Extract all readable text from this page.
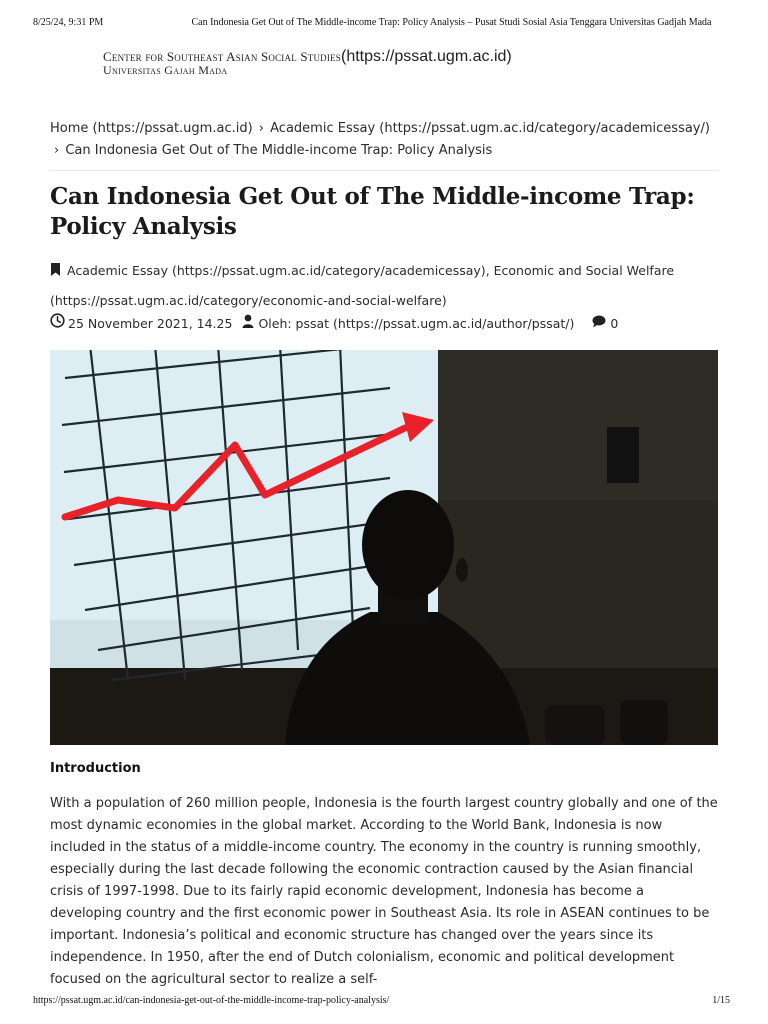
8/25/24, 9:31 PM	Can Indonesia Get Out of The Middle-income Trap: Policy Analysis – Pusat Studi Sosial Asia Tenggara Universitas Gadjah Mada
Center for Southeast Asian Social Studies(https://pssat.ugm.ac.id)
Universitas Gajah Mada
Home (https://pssat.ugm.ac.id) › Academic Essay (https://pssat.ugm.ac.id/category/academicessay/)
› Can Indonesia Get Out of The Middle-income Trap: Policy Analysis
Can Indonesia Get Out of The Middle-income Trap: Policy Analysis
Academic Essay (https://pssat.ugm.ac.id/category/academicessay), Economic and Social Welfare
(https://pssat.ugm.ac.id/category/economic-and-social-welfare)
25 November 2021, 14.25 Oleh: pssat (https://pssat.ugm.ac.id/author/pssat/)	0
Introduction

With a population of 260 million people, Indonesia is the fourth largest country globally and one of the most dynamic economies in the global market. According to the World Bank, Indonesia is now included in the status of a middle-income country. The economy in the country is running smoothly, especially during the last decade following the economic contraction caused by the Asian financial crisis of 1997-1998. Due to its fairly rapid economic development, Indonesia has become a developing country and the first economic power in Southeast Asia. Its role in ASEAN continues to be important. Indonesia’s political and economic structure has changed over the years since its independence. In 1950, after the end of Dutch colonialism, economic and political development focused on the agricultural sector to realize a self-

https://pssat.ugm.ac.id/can-indonesia-get-out-of-the-middle-income-trap-policy-analysis/	1/15
